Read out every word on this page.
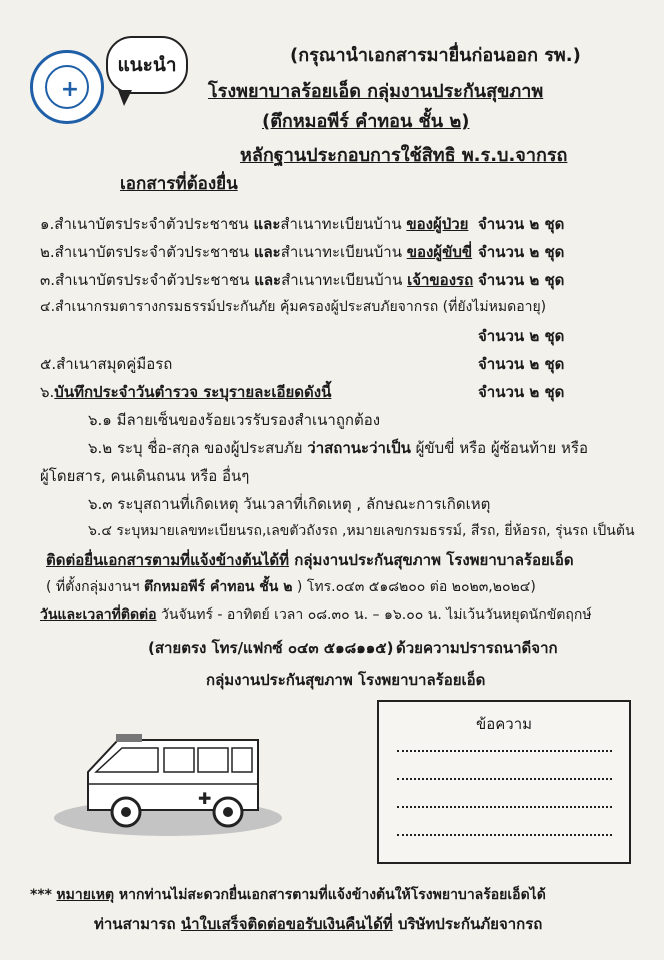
+
แนะนำ	(กรุณานำเอกสารมายื่นก่อนออก รพ.)
โรงพยาบาลร้อยเอ็ด กลุ่มงานประกันสุขภาพ
(ตึกหมอพีร์ คำทอน ชั้น ๒)
หลักฐานประกอบการใช้สิทธิ พ.ร.บ.จากรถ
เอกสารที่ต้องยื่น
๑.สำเนาบัตรประจำตัวประชาชน และสำเนาทะเบียนบ้าน ของผู้ป่วย จำนวน ๒ ชุด
๒.สำเนาบัตรประจำตัวประชาชน และสำเนาทะเบียนบ้าน ของผู้ขับขี่ จำนวน ๒ ชุด
๓.สำเนาบัตรประจำตัวประชาชน และสำเนาทะเบียนบ้าน เจ้าของรถ จำนวน ๒ ชุด
๔.สำเนากรมตารางกรมธรรม์ประกันภัย คุ้มครองผู้ประสบภัยจากรถ (ที่ยังไม่หมดอายุ)
จำนวน ๒ ชุด
๕.สำเนาสมุดคู่มือรถ	จำนวน ๒ ชุด
๖.บันทึกประจำวันตำรวจ ระบุรายละเอียดดังนี้	จำนวน ๒ ชุด
๖.๑ มีลายเซ็นของร้อยเวรรับรองสำเนาถูกต้อง
๖.๒ ระบุ ชื่อ-สกุล ของผู้ประสบภัย ว่าสถานะว่าเป็น ผู้ขับขี่ หรือ ผู้ซ้อนท้าย หรือ
ผู้โดยสาร, คนเดินถนน หรือ อื่นๆ
๖.๓ ระบุสถานที่เกิดเหตุ วันเวลาที่เกิดเหตุ , ลักษณะการเกิดเหตุ
๖.๔ ระบุหมายเลขทะเบียนรถ,เลขตัวถังรถ ,หมายเลขกรมธรรม์, สีรถ, ยี่ห้อรถ, รุ่นรถ เป็นต้น
ติดต่อยื่นเอกสารตามที่แจ้งข้างต้นได้ที่ กลุ่มงานประกันสุขภาพ โรงพยาบาลร้อยเอ็ด
( ที่ตั้งกลุ่มงานฯ ตึกหมอพีร์ คำทอน ชั้น ๒ ) โทร.๐๔๓ ๕๑๘๒๐๐ ต่อ ๒๐๒๓,๒๐๒๔)
วันและเวลาที่ติดต่อ วันจันทร์ - อาทิตย์ เวลา ๐๘.๓๐ น. – ๑๖.๐๐ น. ไม่เว้นวันหยุดนักขัตฤกษ์
(สายตรง โทร/แฟกซ์ ๐๔๓ ๕๑๘๑๑๕) ด้วยความปรารถนาดีจาก
กลุ่มงานประกันสุขภาพ โรงพยาบาลร้อยเอ็ด
✚
ข้อความ
*** หมายเหตุ หากท่านไม่สะดวกยื่นเอกสารตามที่แจ้งข้างต้นให้โรงพยาบาลร้อยเอ็ดได้
ท่านสามารถ นำใบเสร็จติดต่อขอรับเงินคืนได้ที่ บริษัทประกันภัยจากรถ
